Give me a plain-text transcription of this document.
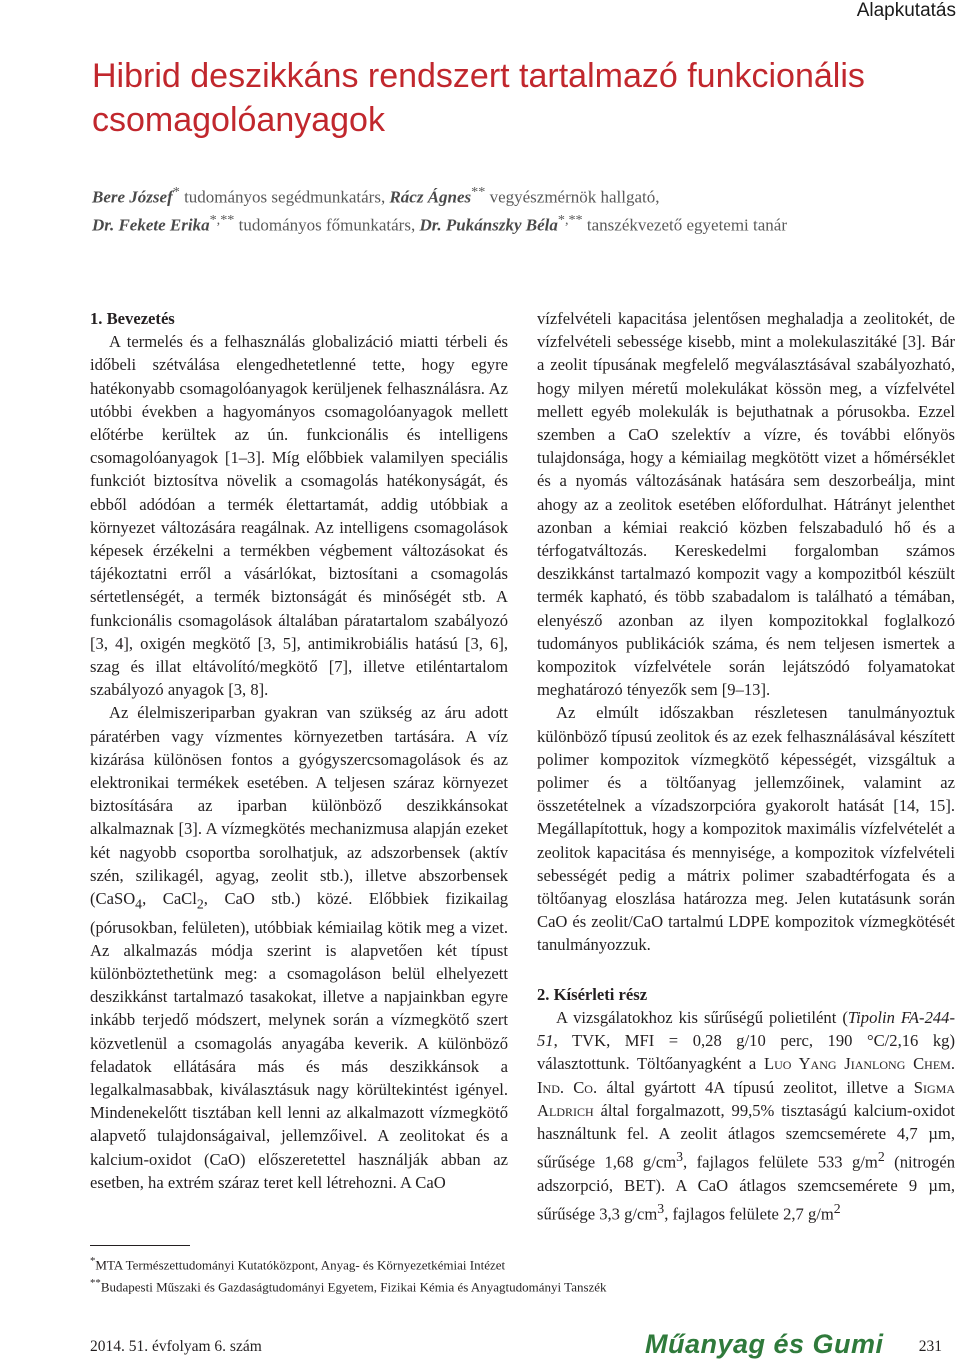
Alapkutatás
Hibrid deszikkáns rendszert tartalmazó funkcionális csomagolóanyagok
Bere József* tudományos segédmunkatárs, Rácz Ágnes** vegyészmérnök hallgató,
Dr. Fekete Erika*,** tudományos főmunkatárs, Dr. Pukánszky Béla*,** tanszékvezető egyetemi tanár

1. Bevezetés

A termelés és a felhasználás globalizáció miatti térbeli és időbeli szétválása elengedhetetlenné tette, hogy egyre hatékonyabb csomagolóanyagok kerüljenek felhasználásra. Az utóbbi években a hagyományos csomagolóanyagok mellett előtérbe kerültek az ún. funkcionális és intelligens csomagolóanyagok [1–3]. Míg előbbiek valamilyen speciális funkciót biztosítva növelik a csomagolás hatékonyságát, és ebből adódóan a termék élettartamát, addig utóbbiak a környezet változására reagálnak. Az intelligens csomagolások képesek érzékelni a termékben végbement változásokat és tájékoztatni erről a vásárlókat, biztosítani a csomagolás sértetlenségét, a termék biztonságát és minőségét stb. A funkcionális csomagolások általában páratartalom szabályozó [3, 4], oxigén megkötő [3, 5], antimikrobiális hatású [3, 6], szag és illat eltávolító/megkötő [7], illetve etiléntartalom szabályozó anyagok [3, 8].

Az élelmiszeriparban gyakran van szükség az áru adott páratérben vagy vízmentes környezetben tartására. A víz kizárása különösen fontos a gyógyszercsomagolások és az elektronikai termékek esetében. A teljesen száraz környezet biztosítására az iparban különböző deszikkánsokat alkalmaznak [3]. A vízmegkötés mechanizmusa alapján ezeket két nagyobb csoportba sorolhatjuk, az adszorbensek (aktív szén, szilikagél, agyag, zeolit stb.), illetve abszorbensek (CaSO$_4$, CaCl$_2$, CaO stb.) közé. Előbbiek fizikailag (pórusokban, felületen), utóbbiak kémiailag kötik meg a vizet. Az alkalmazás módja szerint is alapvetően két típust különböztethetünk meg: a csomagoláson belül elhelyezett deszikkánst tartalmazó tasakokat, illetve a napjainkban egyre inkább terjedő módszert, melynek során a vízmegkötő szert közvetlenül a csomagolás anyagába keverik. A különböző feladatok ellátására más és más deszikkánsok a legalkalmasabbak, kiválasztásuk nagy körültekintést igényel. Mindenekelőtt tisztában kell lenni az alkalmazott vízmegkötő alapvető tulajdonságaival, jellemzőivel. A zeolitokat és a kalcium-oxidot (CaO) előszeretettel használják abban az esetben, ha extrém száraz teret kell létrehozni. A CaO

vízfelvételi kapacitása jelentősen meghaladja a zeolitokét, de vízfelvételi sebessége kisebb, mint a molekulaszitáké [3]. Bár a zeolit típusának megfelelő megválasztásával szabályozható, hogy milyen méretű molekulákat kössön meg, a vízfelvétel mellett egyéb molekulák is bejuthatnak a pórusokba. Ezzel szemben a CaO szelektív a vízre, és további előnyös tulajdonsága, hogy a kémiailag megkötött vizet a hőmérséklet és a nyomás változásának hatására sem deszorbeálja, mint ahogy az a zeolitok esetében előfordulhat. Hátrányt jelenthet azonban a kémiai reakció közben felszabaduló hő és a térfogatváltozás. Kereskedelmi forgalomban számos deszikkánst tartalmazó kompozit vagy a kompozitból készült termék kapható, és több szabadalom is található a témában, elenyésző azonban az ilyen kompozitokkal foglalkozó tudományos publikációk száma, és nem teljesen ismertek a kompozitok vízfelvétele során lejátszódó folyamatokat meghatározó tényezők sem [9–13].

Az elmúlt időszakban részletesen tanulmányoztuk különböző típusú zeolitok és az ezek felhasználásával készített polimer kompozitok vízmegkötő képességét, vizsgáltuk a polimer és a töltőanyag jellemzőinek, valamint az összetételnek a vízadszorpcióra gyakorolt hatását [14, 15]. Megállapítottuk, hogy a kompozitok maximális vízfelvételét a zeolitok kapacitása és mennyisége, a kompozitok vízfelvételi sebességét pedig a mátrix polimer szabadtérfogata és a töltőanyag eloszlása határozza meg. Jelen kutatásunk során CaO és zeolit/CaO tartalmú LDPE kompozitok vízmegkötését tanulmányozzuk.

2. Kísérleti rész

A vizsgálatokhoz kis sűrűségű polietilént (Tipolin FA-244-51, TVK, MFI = 0,28 g/10 perc, 190 °C/2,16 kg) választottunk. Töltőanyagként a Luo Yang Jianlong Chem. Ind. Co. által gyártott 4A típusú zeolitot, illetve a Sigma Aldrich által forgalmazott, 99,5% tisztaságú kalcium-oxidot használtunk fel. A zeolit átlagos szemcsemérete 4,7 µm, sűrűsége 1,68 $g/cm^3$, fajlagos felülete 533 $g/m^2$ (nitrogén adszorpció, BET). A CaO átlagos szemcsemérete 9 µm, sűrűsége 3,3 $g/cm^3$, fajlagos felülete 2,7 $g/m^2$

*MTA Természettudományi Kutatóközpont, Anyag- és Környezetkémiai Intézet
**Budapesti Műszaki és Gazdaságtudományi Egyetem, Fizikai Kémia és Anyagtudományi Tanszék
2014. 51. évfolyam 6. szám	Műanyag és Gumi 231
